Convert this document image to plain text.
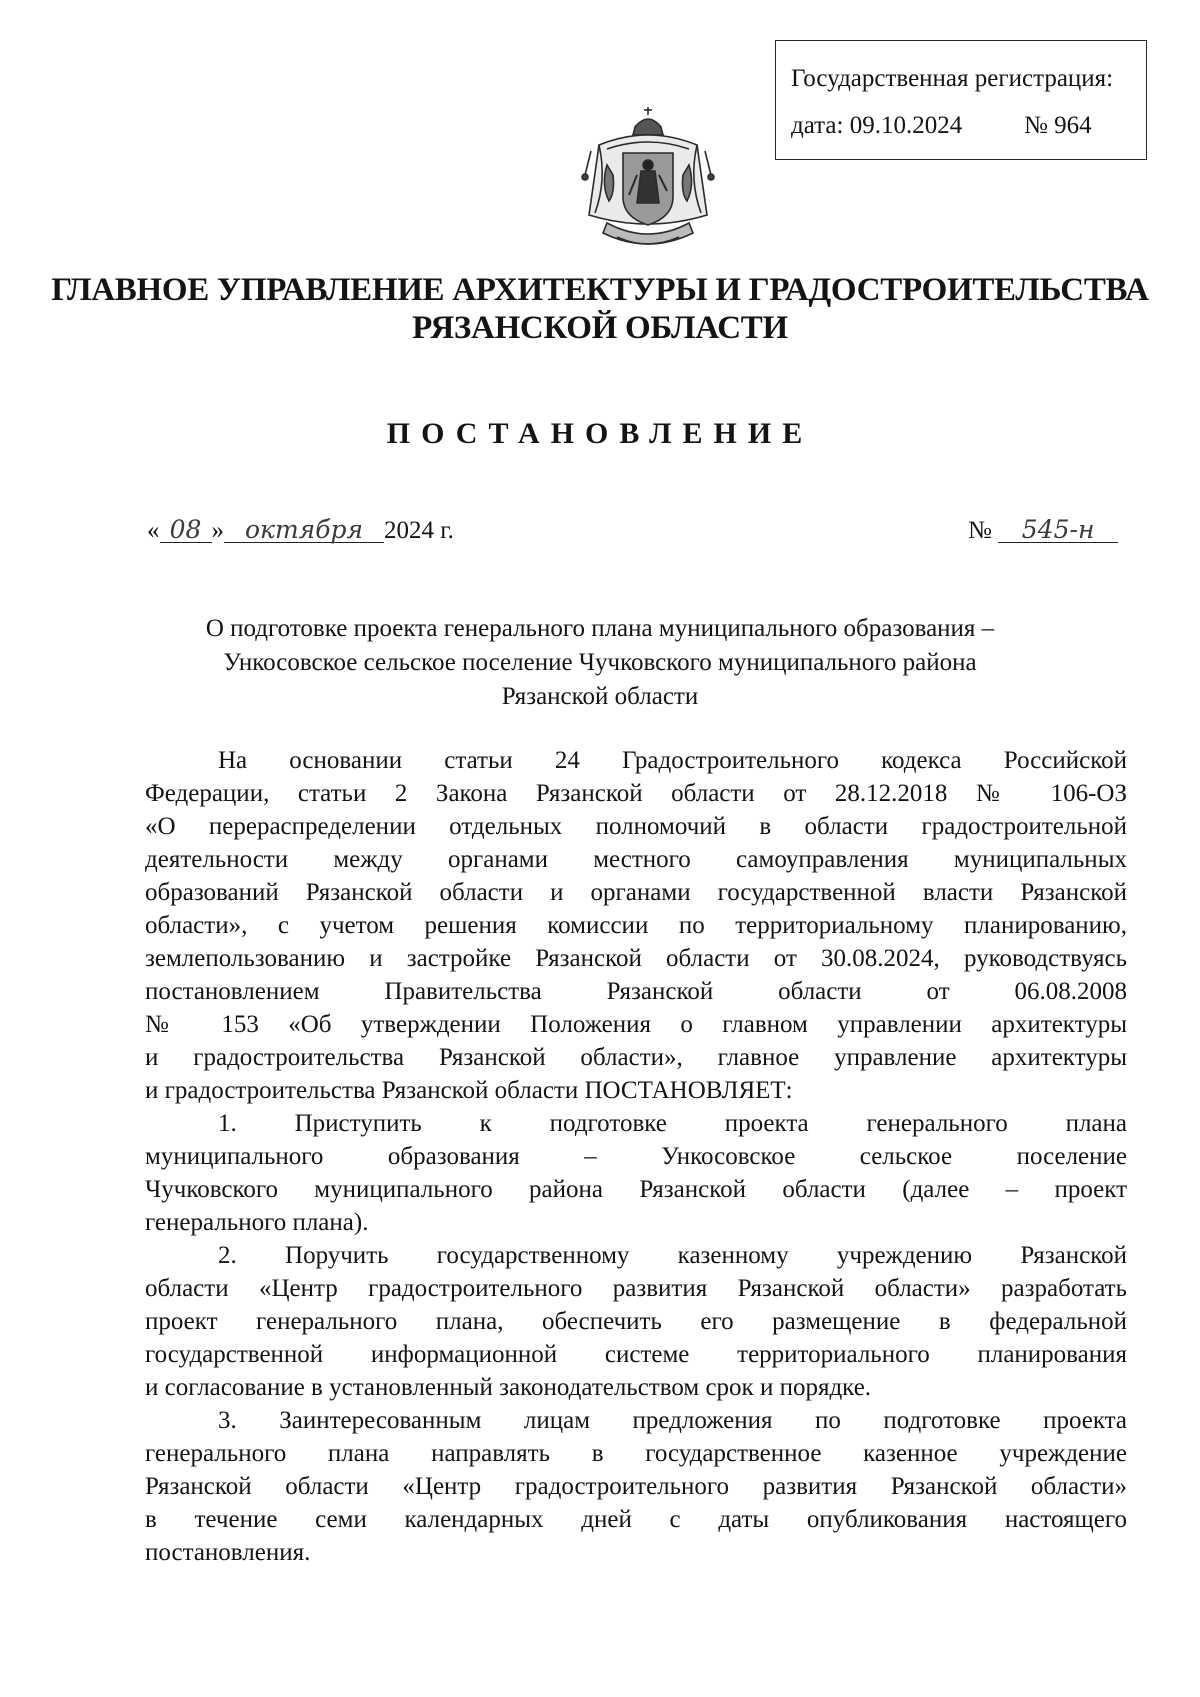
Государственная регистрация:
дата: 09.10.2024 № 964
ГЛАВНОЕ УПРАВЛЕНИЕ АРХИТЕКТУРЫ И ГРАДОСТРОИТЕЛЬСТВА
РЯЗАНСКОЙ ОБЛАСТИ
ПОСТАНОВЛЕНИЕ
« 08 » октября 2024 г.	№ 545-н
О подготовке проекта генерального плана муниципального образования –
Ункосовское сельское поселение Чучковского муниципального района
Рязанской области
На основании статьи 24 Градостроительного кодекса Российской
Федерации, статьи 2 Закона Рязанской области от 28.12.2018 № 106-ОЗ
«О перераспределении отдельных полномочий в области градостроительной
деятельности между органами местного самоуправления муниципальных
образований Рязанской области и органами государственной власти Рязанской
области», с учетом решения комиссии по территориальному планированию,
землепользованию и застройке Рязанской области от 30.08.2024, руководствуясь
постановлением Правительства Рязанской области от 06.08.2008
№ 153 «Об утверждении Положения о главном управлении архитектуры
и градостроительства Рязанской области», главное управление архитектуры
и градостроительства Рязанской области ПОСТАНОВЛЯЕТ:
1. Приступить к подготовке проекта генерального плана
муниципального образования – Ункосовское сельское поселение
Чучковского муниципального района Рязанской области (далее – проект
генерального плана).
2. Поручить государственному казенному учреждению Рязанской
области «Центр градостроительного развития Рязанской области» разработать
проект генерального плана, обеспечить его размещение в федеральной
государственной информационной системе территориального планирования
и согласование в установленный законодательством срок и порядке.
3. Заинтересованным лицам предложения по подготовке проекта
генерального плана направлять в государственное казенное учреждение
Рязанской области «Центр градостроительного развития Рязанской области»
в течение семи календарных дней с даты опубликования настоящего
постановления.
